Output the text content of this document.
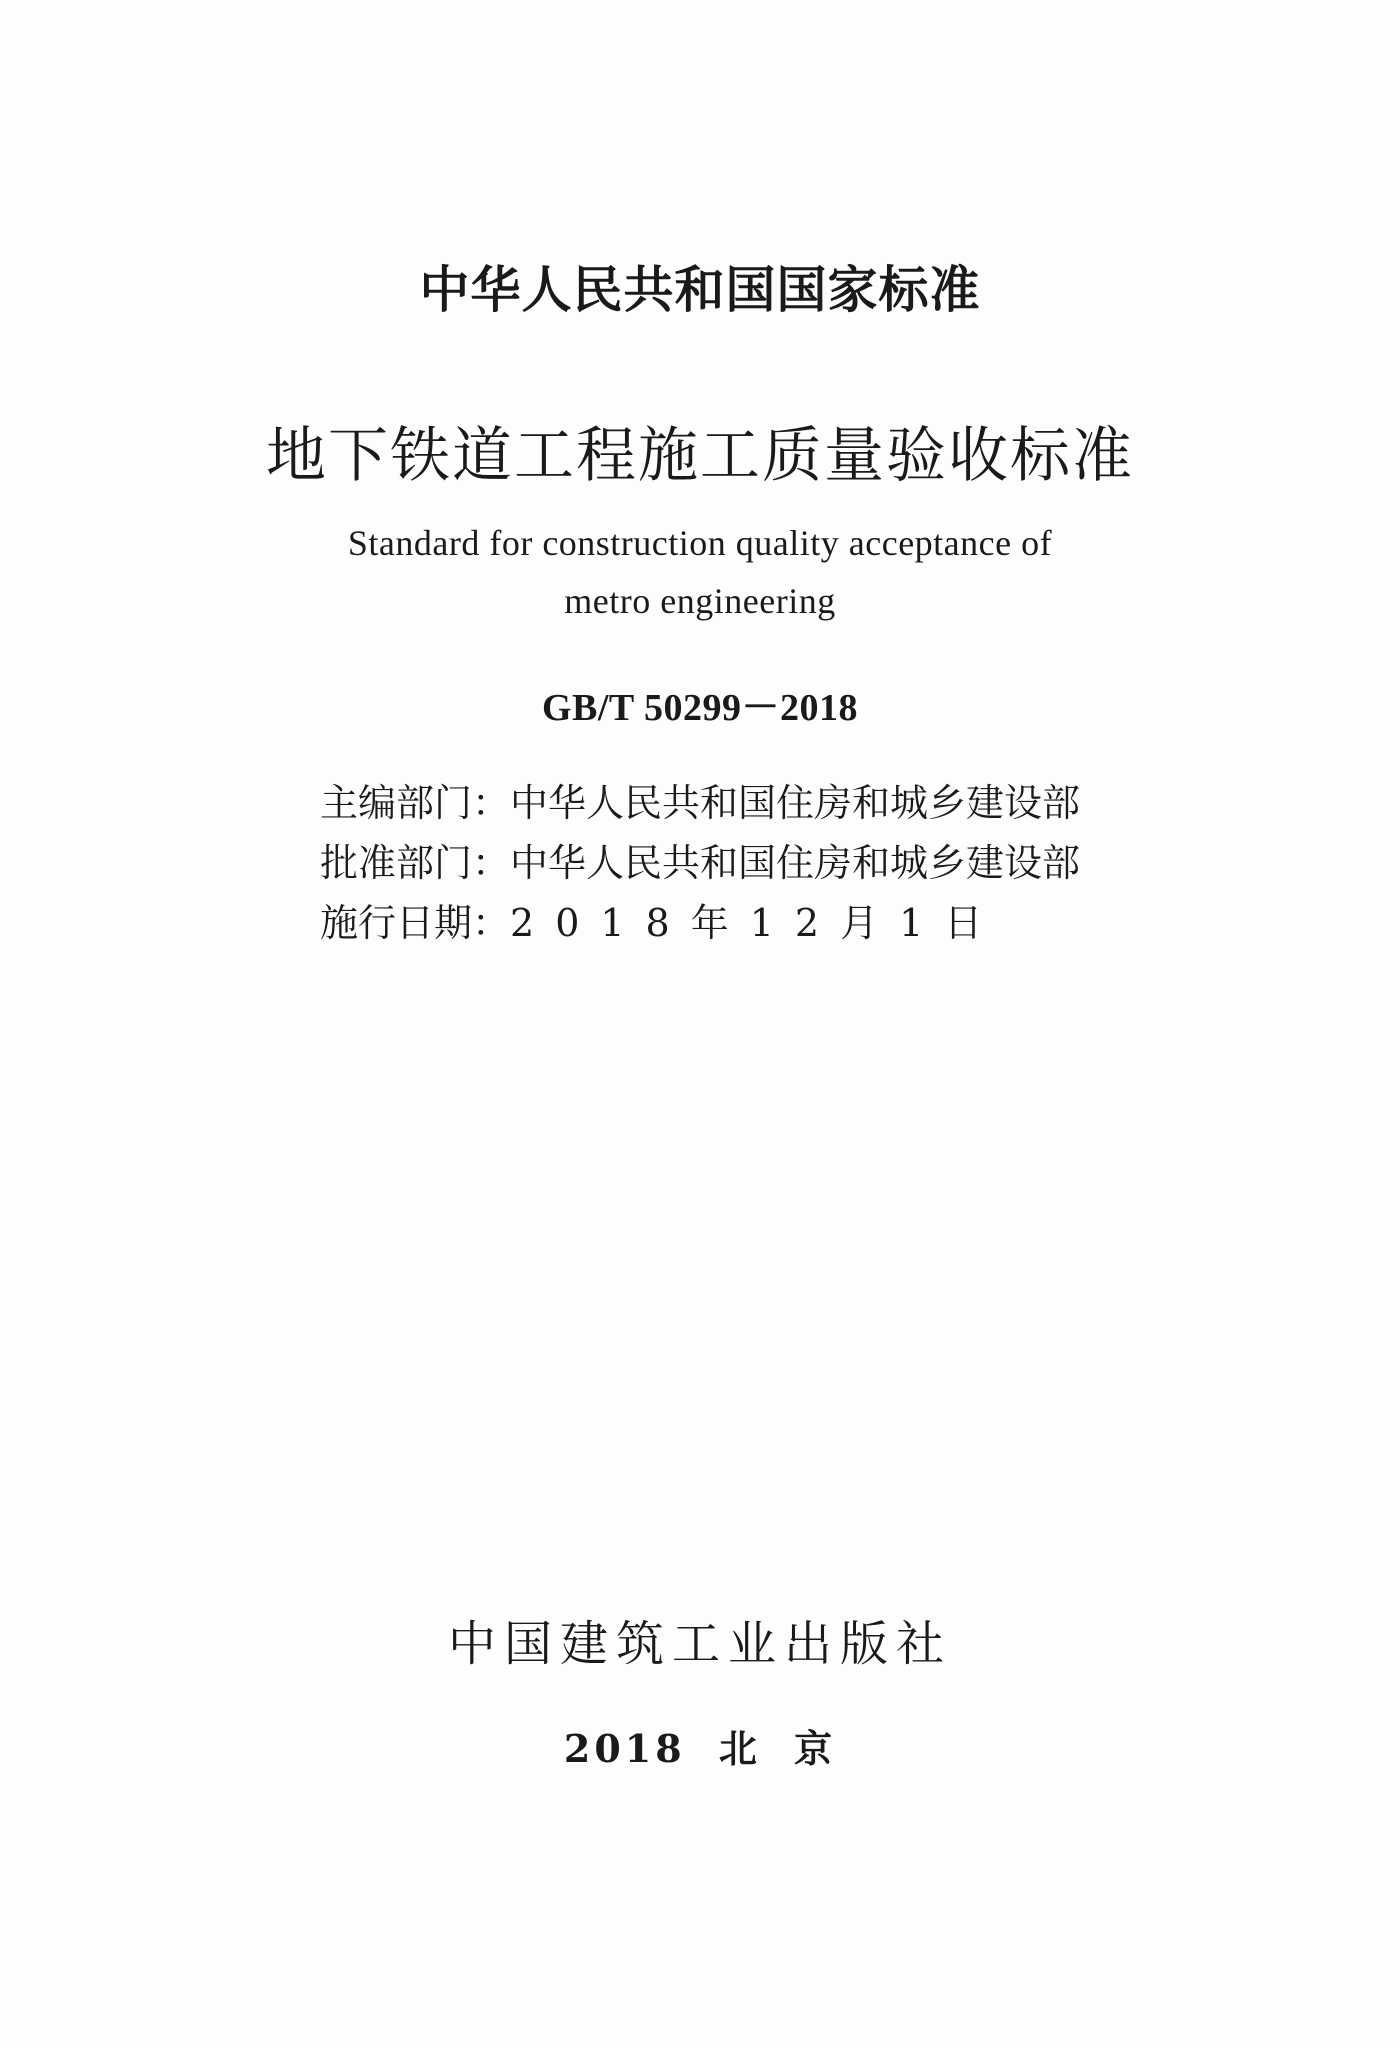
中华人民共和国国家标准
地下铁道工程施工质量验收标准
Standard for construction quality acceptance of
metro engineering
GB/T 50299－2018
主编部门：中华人民共和国住房和城乡建设部
批准部门：中华人民共和国住房和城乡建设部
施行日期：2018年12月1日
中国建筑工业出版社
2018 北 京
